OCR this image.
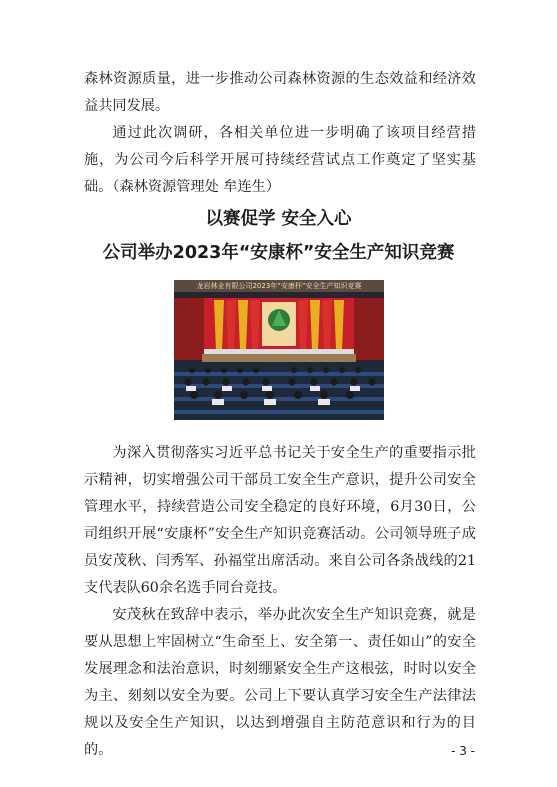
森林资源质量，进一步推动公司森林资源的生态效益和经济效益共同发展。

通过此次调研，各相关单位进一步明确了该项目经营措施，为公司今后科学开展可持续经营试点工作奠定了坚实基础。（森林资源管理处 牟连生）

以赛促学 安全入心
公司举办2023年“安康杯”安全生产知识竞赛
龙岩林业有限公司2023年“安康杯”安全生产知识竞赛

为深入贯彻落实习近平总书记关于安全生产的重要指示批示精神，切实增强公司干部员工安全生产意识，提升公司安全管理水平，持续营造公司安全稳定的良好环境，6月30日，公司组织开展“安康杯”安全生产知识竞赛活动。公司领导班子成员安茂秋、闫秀军、孙福堂出席活动。来自公司各条战线的21支代表队60余名选手同台竞技。

安茂秋在致辞中表示，举办此次安全生产知识竞赛，就是要从思想上牢固树立“生命至上、安全第一、责任如山”的安全发展理念和法治意识，时刻绷紧安全生产这根弦，时时以安全为主、刻刻以安全为要。公司上下要认真学习安全生产法律法规以及安全生产知识，以达到增强自主防范意识和行为的目的。	- 3 -
